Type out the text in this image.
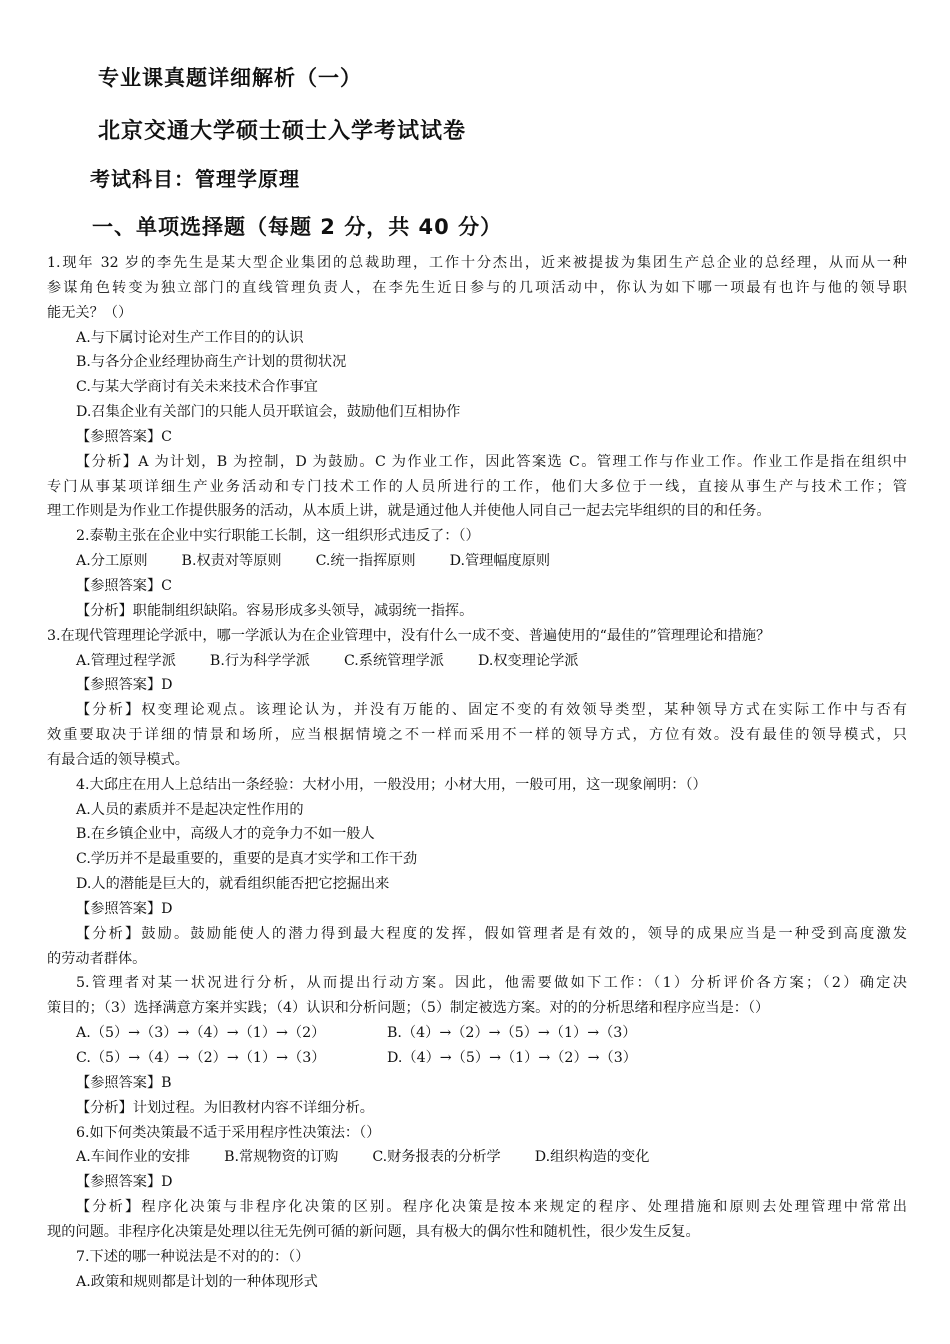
专业课真题详细解析（一）
北京交通大学硕士硕士入学考试试卷
考试科目：管理学原理
一、单项选择题（每题 2 分，共 40 分）
1.现年 32 岁的李先生是某大型企业集团的总裁助理，工作十分杰出，近来被提拔为集团生产总企业的总经理，从而从一种
参谋角色转变为独立部门的直线管理负责人，在李先生近日参与的几项活动中，你认为如下哪一项最有也许与他的领导职
能无关？（）
A.与下属讨论对生产工作目的的认识
B.与各分企业经理协商生产计划的贯彻状况
C.与某大学商讨有关未来技术合作事宜
D.召集企业有关部门的只能人员开联谊会，鼓励他们互相协作
【参照答案】C
【分析】A 为计划，B 为控制，D 为鼓励。C 为作业工作，因此答案选 C。管理工作与作业工作。作业工作是指在组织中
专门从事某项详细生产业务活动和专门技术工作的人员所进行的工作，他们大多位于一线，直接从事生产与技术工作；管
理工作则是为作业工作提供服务的活动，从本质上讲，就是通过他人并使他人同自己一起去完毕组织的目的和任务。
2.泰勒主张在企业中实行职能工长制，这一组织形式违反了：（）
A.分工原则 B.权责对等原则 C.统一指挥原则 D.管理幅度原则
【参照答案】C
【分析】职能制组织缺陷。容易形成多头领导，减弱统一指挥。
3.在现代管理理论学派中，哪一学派认为在企业管理中，没有什么一成不变、普遍使用的“最佳的”管理理论和措施？
A.管理过程学派 B.行为科学学派 C.系统管理学派 D.权变理论学派
【参照答案】D
【分析】权变理论观点。该理论认为，并没有万能的、固定不变的有效领导类型，某种领导方式在实际工作中与否有
效重要取决于详细的情景和场所，应当根据情境之不一样而采用不一样的领导方式，方位有效。没有最佳的领导模式，只
有最合适的领导模式。
4.大邱庄在用人上总结出一条经验：大材小用，一般没用；小材大用，一般可用，这一现象阐明：（）
A.人员的素质并不是起决定性作用的
B.在乡镇企业中，高级人才的竞争力不如一般人
C.学历并不是最重要的，重要的是真才实学和工作干劲
D.人的潜能是巨大的，就看组织能否把它挖掘出来
【参照答案】D
【分析】鼓励。鼓励能使人的潜力得到最大程度的发挥，假如管理者是有效的，领导的成果应当是一种受到高度激发
的劳动者群体。
5.管理者对某一状况进行分析，从而提出行动方案。因此，他需要做如下工作：（1）分析评价各方案；（2）确定决
策目的；（3）选择满意方案并实践；（4）认识和分析问题；（5）制定被选方案。对的的分析思绪和程序应当是：（）
A.（5）→（3）→（4）→（1）→（2）	B.（4）→（2）→（5）→（1）→（3）
C.（5）→（4）→（2）→（1）→（3）	D.（4）→（5）→（1）→（2）→（3）
【参照答案】B
【分析】计划过程。为旧教材内容不详细分析。
6.如下何类决策最不适于采用程序性决策法：（）
A.车间作业的安排 B.常规物资的订购 C.财务报表的分析学 D.组织构造的变化
【参照答案】D
【分析】程序化决策与非程序化决策的区别。程序化决策是按本来规定的程序、处理措施和原则去处理管理中常常出
现的问题。非程序化决策是处理以往无先例可循的新问题，具有极大的偶尔性和随机性，很少发生反复。
7.下述的哪一种说法是不对的的：（）
A.政策和规则都是计划的一种体现形式
